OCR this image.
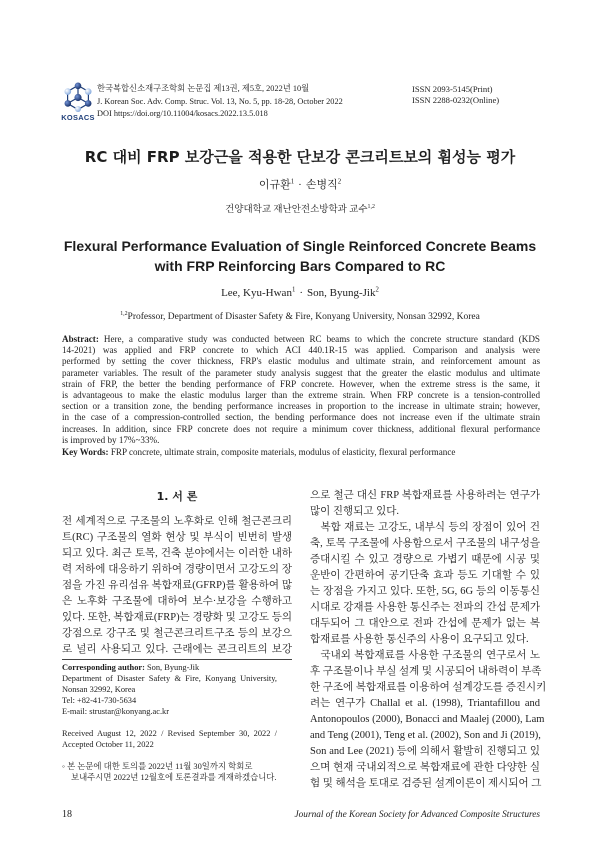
KOSACS
한국복합신소재구조학회 논문집 제13권, 제5호, 2022년 10월
J. Korean Soc. Adv. Comp. Struc. Vol. 13, No. 5, pp. 18-28, October 2022
DOI https://doi.org/10.11004/kosacs.2022.13.5.018
ISSN 2093-5145(Print)
ISSN 2288-0232(Online)
RC 대비 FRP 보강근을 적용한 단보강 콘크리트보의 휨성능 평가
이규환$^1$ · 손병직$^2$
건양대학교 재난안전소방학과 교수$^{1,2}$
Flexural Performance Evaluation of Single Reinforced Concrete Beams
with FRP Reinforcing Bars Compared to RC
Lee, Kyu-Hwan$^1$ · Son, Byung-Jik$^2$
$^{1,2}$Professor, Department of Disaster Safety & Fire, Konyang University, Nonsan 32992, Korea
Abstract: Here, a comparative study was conducted between RC beams to which the concrete structure standard (KDS
14-2021) was applied and FRP concrete to which ACI 440.1R-15 was applied. Comparison and analysis were
performed by setting the cover thickness, FRP's elastic modulus and ultimate strain, and reinforcement amount as
parameter variables. The result of the parameter study analysis suggest that the greater the elastic modulus and ultimate
strain of FRP, the better the bending performance of FRP concrete. However, when the extreme stress is the same, it
is advantageous to make the elastic modulus larger than the extreme strain. When FRP concrete is a tension-controlled
section or a transition zone, the bending performance increases in proportion to the increase in ultimate strain; however,
in the case of a compression-controlled section, the bending performance does not increase even if the ultimate strain
increases. In addition, since FRP concrete does not require a minimum cover thickness, additional flexural performance
is improved by 17%~33%.
Key Words: FRP concrete, ultimate strain, composite materials, modulus of elasticity, flexural performance
1. 서 론
전 세계적으로 구조물의 노후화로 인해 철근콘크리
트(RC) 구조물의 열화 현상 및 부식이 빈번히 발생
되고 있다. 최근 토목, 건축 분야에서는 이러한 내하
력 저하에 대응하기 위하여 경량이면서 고강도의 장
점을 가진 유리섬유 복합재료(GFRP)를 활용하여 많
은 노후화 구조물에 대하여 보수·보강을 수행하고
있다. 또한, 복합재료(FRP)는 경량화 및 고강도 등의
강점으로 강구조 및 철근콘크리트구조 등의 보강으
로 널리 사용되고 있다. 근래에는 콘크리트의 보강
Corresponding author: Son, Byung-Jik
Department of Disaster Safety & Fire, Konyang University,
Nonsan 32992, Korea
Tel: +82-41-730-5634
E-mail: strustar@konyang.ac.kr
Received August 12, 2022 / Revised September 30, 2022 /
Accepted October 11, 2022
◦ 본 논문에 대한 토의를 2022년 11월 30일까지 학회로
보내주시면 2022년 12월호에 토론결과를 게재하겠습니다.
으로 철근 대신 FRP 복합재료를 사용하려는 연구가
많이 진행되고 있다.
복합 재료는 고강도, 내부식 등의 장점이 있어 건
축, 토목 구조물에 사용함으로서 구조물의 내구성을
증대시킬 수 있고 경량으로 가볍기 때문에 시공 및
운반이 간편하여 공기단축 효과 등도 기대할 수 있
는 장점을 가지고 있다. 또한, 5G, 6G 등의 이동통신
시대로 강재를 사용한 통신주는 전파의 간섭 문제가
대두되어 그 대안으로 전파 간섭에 문제가 없는 복
합재료를 사용한 통신주의 사용이 요구되고 있다.
국내외 복합재료를 사용한 구조물의 연구로서 노
후 구조물이나 부실 설계 및 시공되어 내하력이 부족
한 구조에 복합재료를 이용하여 설계강도를 증진시키
려는 연구가 Challal et al. (1998), Triantafillou and
Antonopoulos (2000), Bonacci and Maalej (2000), Lam
and Teng (2001), Teng et al. (2002), Son and Ji (2019),
Son and Lee (2021) 등에 의해서 활발히 진행되고 있
으며 현재 국내외적으로 복합재료에 관한 다양한 실
험 및 해석을 토대로 검증된 설계이론이 제시되어 그
18	Journal of the Korean Society for Advanced Composite Structures
